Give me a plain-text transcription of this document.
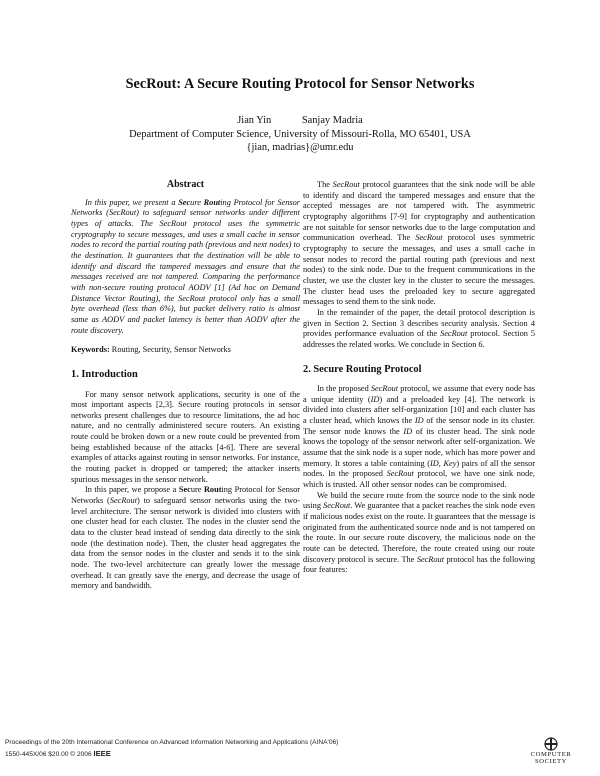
SecRout: A Secure Routing Protocol for Sensor Networks
Jian Yin	Sanjay Madria
Department of Computer Science, University of Missouri-Rolla, MO 65401, USA
{jian, madrias}@umr.edu
Abstract

In this paper, we present a Secure Routing Protocol for Sensor Networks (SecRout) to safeguard sensor networks under different types of attacks. The SecRout protocol uses the symmetric cryptography to secure messages, and uses a small cache in sensor nodes to record the partial routing path (previous and next nodes) to the destination. It guarantees that the destination will be able to identify and discard the tampered messages and ensure that the messages received are not tampered. Comparing the performance with non-secure routing protocol AODV [1] (Ad hoc on Demand Distance Vector Routing), the SecRout protocol only has a small byte overhead (less than 6%), but packet delivery ratio is almost same as AODV and packet latency is better than AODV after the route discovery.

Keywords: Routing, Security, Sensor Networks

1. Introduction

For many sensor network applications, security is one of the most important aspects [2,3]. Secure routing protocols in sensor networks present challenges due to resource limitations, the ad hoc nature, and no centrally administered secure routers. An existing route could be broken down or a new route could be prevented from being established because of the attacks [4-6]. There are several examples of attacks against routing in sensor networks. For instance, the routing packet is dropped or tampered; the attacker inserts spurious messages in the sensor network.

In this paper, we propose a Secure Routing Protocol for Sensor Networks (SecRout) to safeguard sensor networks using the two-level architecture. The sensor network is divided into clusters with one cluster head for each cluster. The nodes in the cluster send the data to the cluster head instead of sending data directly to the sink node (the destination node). Then, the cluster head aggregates the data from the sensor nodes in the cluster and sends it to the sink node. The two-level architecture can greatly lower the message overhead. It can greatly save the energy, and decrease the usage of memory and bandwidth.

The SecRout protocol guarantees that the sink node will be able to identify and discard the tampered messages and ensure that the accepted messages are not tampered with. The asymmetric cryptography algorithms [7-9] for cryptography and authentication are not suitable for sensor networks due to the large computation and communication overhead. The SecRout protocol uses symmetric cryptography to secure the messages, and uses a small cache in sensor nodes to record the partial routing path (previous and next nodes) to the sink node. Due to the frequent communications in the cluster, we use the cluster key in the cluster to secure the messages. The cluster head uses the preloaded key to secure aggregated messages to send them to the sink node.

In the remainder of the paper, the detail protocol description is given in Section 2. Section 3 describes security analysis. Section 4 provides performance evaluation of the SecRout protocol. Section 5 addresses the related works. We conclude in Section 6.

2. Secure Routing Protocol

In the proposed SecRout protocol, we assume that every node has a unique identity (ID) and a preloaded key [4]. The network is divided into clusters after self-organization [10] and each cluster has a cluster head, which knows the ID of the sensor node in its cluster. The sensor node knows the ID of its cluster head. The sink node knows the topology of the sensor network after self-organization. We assume that the sink node is a super node, which has more power and memory. It stores a table containing (ID, Key) pairs of all the sensor nodes. In the proposed SecRout protocol, we have one sink node, which is trusted. All other sensor nodes can be compromised.

We build the secure route from the source node to the sink node using SecRout. We guarantee that a packet reaches the sink node even if malicious nodes exist on the route. It guarantees that the message is originated from the authenticated source node and is not tampered on the route. In our secure route discovery, the malicious node on the route can be detected. Therefore, the route created using our route discovery protocol is secure. The SecRout protocol has the following four features:

Proceedings of the 20th International Conference on Advanced Information Networking and Applications (AINA'06)
1550-445X/06 $20.00 © 2006 IEEE	COMPUTER
SOCIETY
